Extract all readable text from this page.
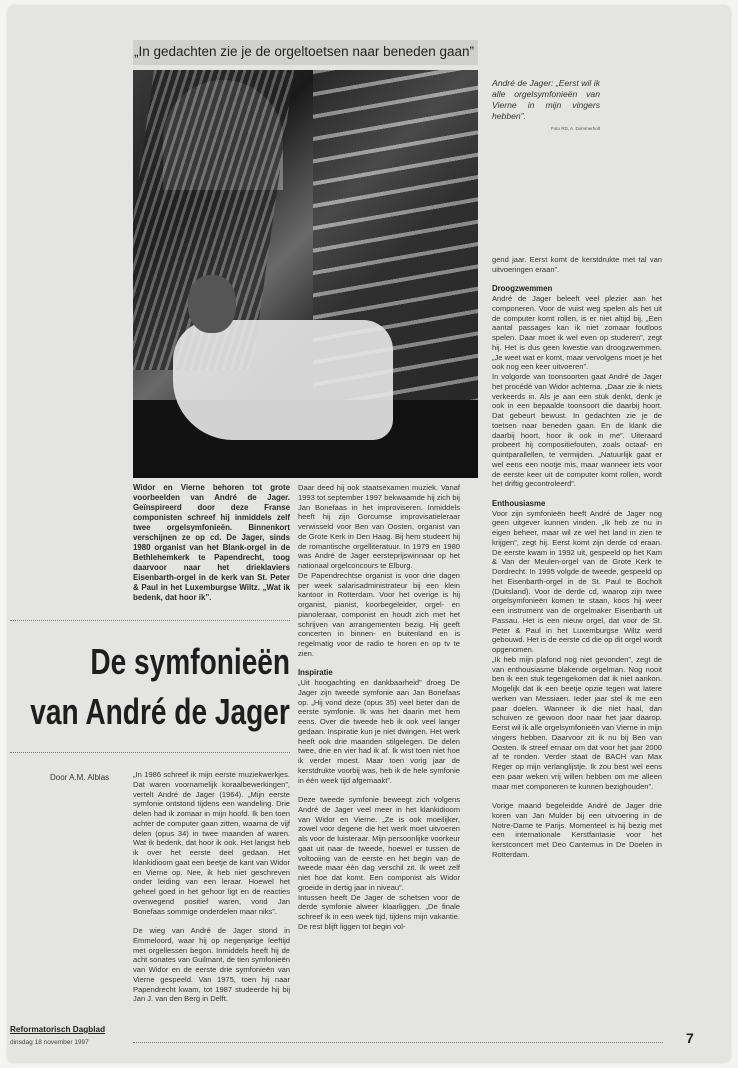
„In gedachten zie je de orgeltoetsen naar beneden gaan”
André de Jager: „Eerst wil ik alle orgelsymfonieën van Vierne in mijn vingers hebben”.
Foto RD, A. Dommerholt
Widor en Vierne behoren tot grote voorbeelden van André de Jager. Geïnspireerd door deze Franse componisten schreef hij inmiddels zelf twee orgelsymfonieën. Binnenkort verschijnen ze op cd. De Jager, sinds 1980 organist van het Blank-orgel in de Bethlehemkerk te Papendrecht, toog daarvoor naar het drieklaviers Eisenbarth-orgel in de kerk van St. Peter & Paul in het Luxemburgse Wiltz. „Wat ik bedenk, dat hoor ik”.
De symfonieën
van André de Jager
Door A.M. Alblas	„In 1986 schreef ik mijn eerste muziekwerkjes. Dat waren voornamelijk koraalbewerkingen”, vertelt André de Jager (1964). „Mijn eerste symfonie ontstond tijdens een wandeling. Drie delen had ik zomaar in mijn hoofd. Ik ben toen achter de computer gaan zitten, waarna de vijf delen (opus 34) in twee maanden af waren. Wat ik bedenk, dat hoor ik ook. Het langst heb ik over het eerste deel gedaan. Het klankidioom gaat een beetje de kant van Widor en Vierne op. Nee, ik heb niet geschreven onder leiding van een leraar. Hoewel het geheel goed in het gehoor ligt en de reacties overwegend positief waren, vond Jan Bonefaas sommige onderdelen maar niks”.

De wieg van André de Jager stond in Emmeloord, waar hij op negenjarige leeftijd met orgellessen begon. Inmiddels heeft hij de acht sonates van Guilmant, de tien symfonieën van Widor en de eerste drie symfonieën van Vierne gespeeld. Van 1975, toen hij naar Papendrecht kwam, tot 1987 studeerde hij bij Jan J. van den Berg in Delft.

Daar deed hij ook staatsexamen muziek. Vanaf 1993 tot september 1997 bekwaamde hij zich bij Jan Bonefaas in het improviseren. Inmiddels heeft hij zijn Gorcumse improvisatieleraar verwisseld voor Ben van Oosten, organist van de Grote Kerk in Den Haag. Bij hem studeert hij de romantische orgelliteratuur. In 1979 en 1980 was André de Jager eersteprijswinnaar op het nationaal orgelconcours te Elburg.

De Papendrechtse organist is voor drie dagen per week salarisadministrateur bij een klein kantoor in Rotterdam. Voor het overige is hij organist, pianist, koorbegeleider, orgel- en pianoleraar, componist en houdt zich met het schrijven van arrangementen bezig. Hij geeft concerten in binnen- en buitenland en is regelmatig voor de radio te horen en op tv te zien.

Inspiratie

„Uit hoogachting en dankbaarheid” droeg De Jager zijn tweede symfonie aan Jan Bonefaas op. „Hij vond deze (opus 35) veel beter dan de eerste symfonie. Ik was het daarin met hem eens. Over die tweede heb ik ook veel langer gedaan. Inspiratie kun je niet dwingen. Het werk heeft ook drie maanden stilgelegen. De delen twee, drie en vier had ik af. Ik wist toen niet hoe ik verder moest. Maar toen vorig jaar de kerstdrukte voorbij was, heb ik de hele symfonie in één week tijd afgemaakt”.

Deze tweede symfonie beweegt zich volgens André de Jager veel meer in het klankidioom van Widor en Vierne. „Ze is ook moeilijker, zowel voor degene die het werk moet uitvoeren als voor de luisteraar. Mijn persoonlijke voorkeur gaat uit naar de tweede, hoewel er tussen de voltooiing van de eerste en het begin van de tweede maar één dag verschil zit. Ik weet zelf niet hoe dat komt. Een componist als Widor groeide in dertig jaar in niveau”.

Intussen heeft De Jager de schetsen voor de derde symfonie alweer klaarliggen. „De finale schreef ik in een week tijd, tijdens mijn vakantie. De rest blijft liggen tot begin vol-

gend jaar. Eerst komt de kerstdrukte met tal van uitvoeringen eraan”.

Droogzwemmen

André de Jager beleeft veel plezier aan het componeren. Voor de vuist weg spelen als het uit de computer komt rollen, is er niet altijd bij. „Een aantal passages kan ik niet zomaar foutloos spelen. Daar moet ik wel even op studeren”, zegt hij. Het is dus geen kwestie van droogzwemmen. „Je weet wat er komt, maar vervolgens moet je het ook nog een keer uitvoeren”.

In volgorde van toonsoorten gaat André de Jager het procédé van Widor achterna. „Daar zie ik niets verkeerds in. Als je aan een stuk denkt, denk je ook in een bepaalde toonsoort die daarbij hoort. Dat gebeurt bewust. In gedachten zie je de toetsen naar beneden gaan. En de klank die daarbij hoort, hoor ik ook in me”. Uiteraard probeert hij compositiefouten, zoals octaaf- en quintparallellen, te vermijden. „Natuurlijk gaat er wel eens een nootje mis, maar wanneer iets voor de eerste keer uit de computer komt rollen, wordt het driftig gecontroleerd”.

Enthousiasme

Voor zijn symfonieën heeft André de Jager nog geen uitgever kunnen vinden. „Ik heb ze nu in eigen beheer, maar wil ze wel het land in zien te krijgen”, zegt hij. Eerst komt zijn derde cd eraan. De eerste kwam in 1992 uit, gespeeld op het Kam & Van der Meulen-orgel van de Grote Kerk te Dordrecht. In 1995 volgde de tweede, gespeeld op het Eisenbarth-orgel in de St. Paul te Bocholt (Duitsland). Voor de derde cd, waarop zijn twee orgelsymfonieën komen te staan, koos hij weer een instrument van de orgelmaker Eisenbarth uit Passau. Het is een nieuw orgel, dat voor de St. Peter & Paul in het Luxemburgse Wiltz werd gebouwd. Het is de eerste cd die op dit orgel wordt opgenomen.

„Ik heb mijn plafond nog niet gevonden”, zegt de van enthousiasme blakende orgelman. Nog nooit ben ik een stuk tegengekomen dat ik niet aankon. Mogelijk dat ik een beetje opzie tegen wat latere werken van Messiaen. Ieder jaar stel ik me een paar doelen. Wanneer ik die niet haal, dan schuiven ze gewoon door naar het jaar daarop. Eerst wil ik alle orgelsymfonieën van Vierne in mijn vingers hebben. Daarvoor zit ik nu bij Ben van Oosten. Ik streef ernaar om dat voor het jaar 2000 af te ronden. Verder staat de BACH van Max Reger op mijn verlanglijstje. Ik zou best wel eens een paar weken vrij willen hebben om me alleen maar met componeren te kunnen bezighouden”.

Vorige maand begeleidde André de Jager drie koren van Jan Mulder bij een uitvoering in de Notre-Dame te Parijs. Momenteel is hij bezig met een internationale Kerstfantasie voor het kerstconcert met Deo Cantemus in De Doelen in Rotterdam.

Reformatorisch Dagblad
dinsdag 18 november 1997	7
